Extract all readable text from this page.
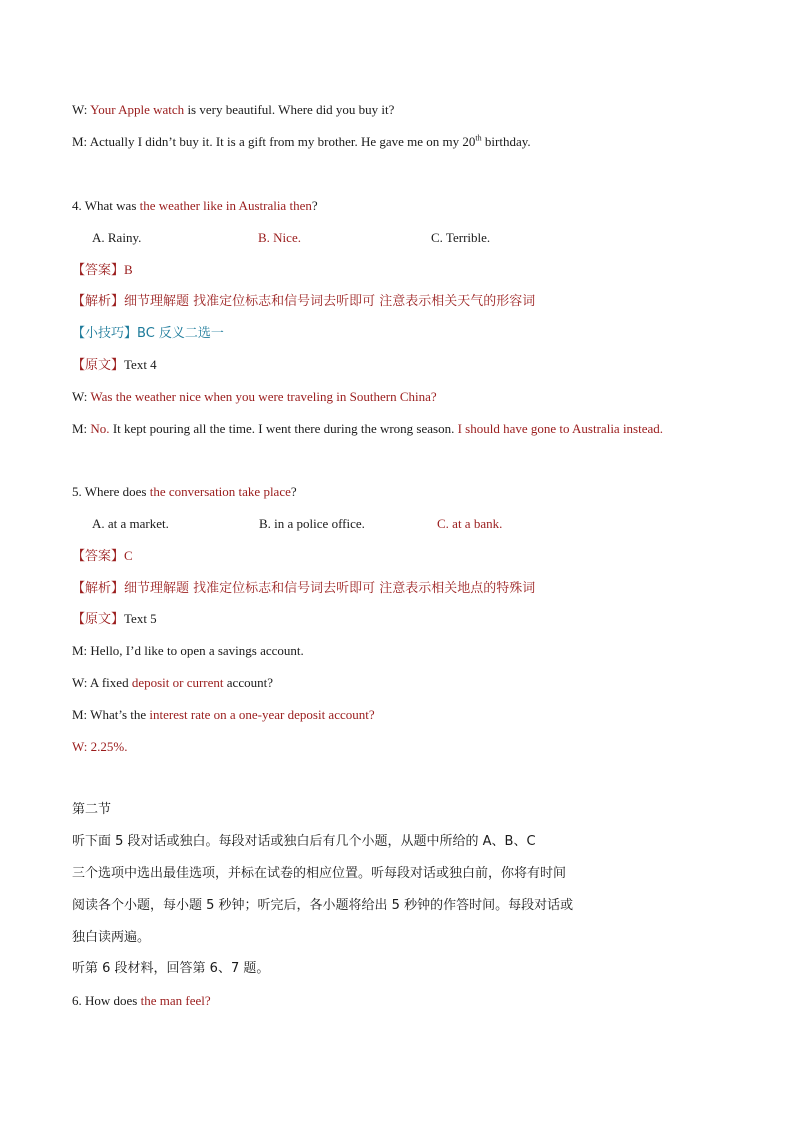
W: Your Apple watch is very beautiful. Where did you buy it?
M: Actually I didn’t buy it. It is a gift from my brother. He gave me on my 20th birthday.
4. What was the weather like in Australia then?
A. Rainy.	B. Nice.	C. Terrible.
【答案】B
【解析】细节理解题 找准定位标志和信号词去听即可 注意表示相关天气的形容词
【小技巧】BC 反义二选一
【原文】Text 4
W: Was the weather nice when you were traveling in Southern China?
M: No. It kept pouring all the time. I went there during the wrong season. I should have gone to Australia instead.
5. Where does the conversation take place?
A. at a market.	B. in a police office.	C. at a bank.
【答案】C
【解析】细节理解题 找准定位标志和信号词去听即可 注意表示相关地点的特殊词
【原文】Text 5
M: Hello, I’d like to open a savings account.
W: A fixed deposit or current account?
M: What’s the interest rate on a one-year deposit account?
W: 2.25%.
第二节
听下面 5 段对话或独白。每段对话或独白后有几个小题，从题中所给的 A、B、C
三个选项中选出最佳选项，并标在试卷的相应位置。听每段对话或独白前，你将有时间
阅读各个小题，每小题 5 秒钟；听完后，各小题将给出 5 秒钟的作答时间。每段对话或
独白读两遍。
听第 6 段材料，回答第 6、7 题。
6. How does the man feel?
